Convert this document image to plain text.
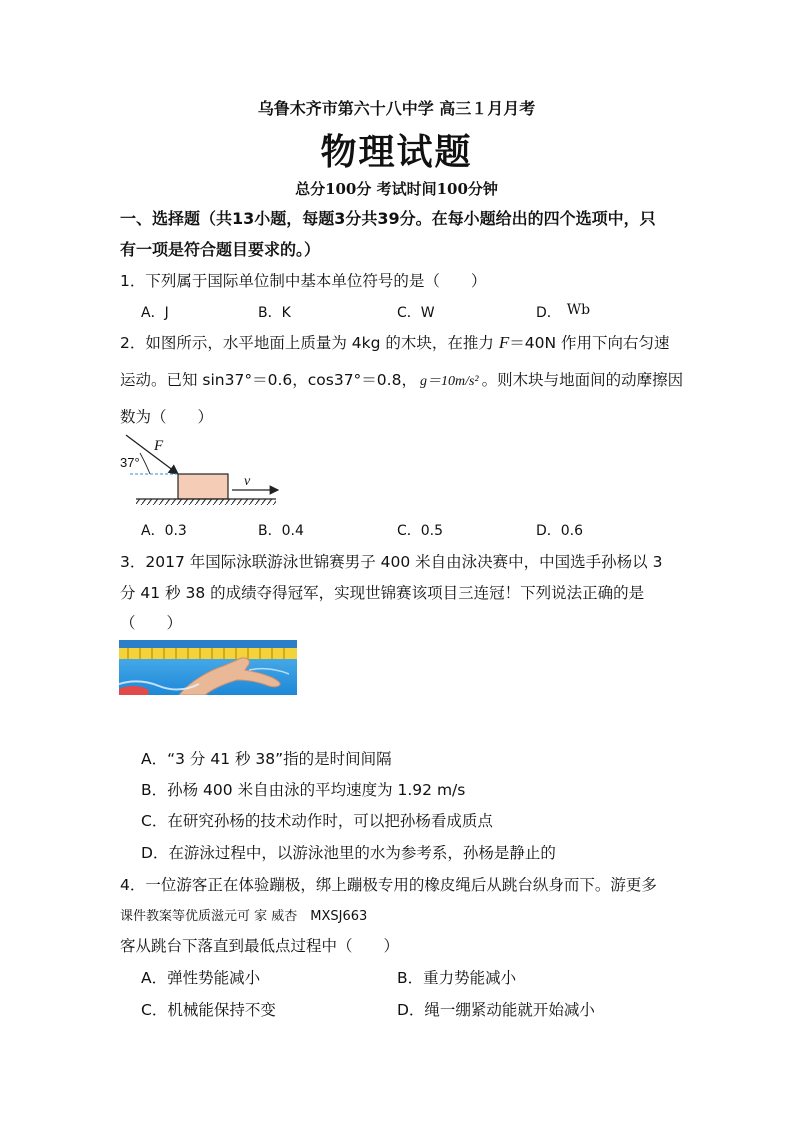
乌鲁木齐市第六十八中学 高三１月月考
物理试题
总分100分 考试时间100分钟
一、选择题（共13小题，每题3分共39分。在每小题给出的四个选项中，只
有一项是符合题目要求的。）
1．下列属于国际单位制中基本单位符号的是（　　）
A．J	B．K	C．W	D． Wb
2．如图所示，水平地面上质量为 4kg 的木块，在推力 F＝40N 作用下向右匀速
运动。已知 sin37°＝0.6，cos37°＝0.8， g＝10m/s² 。则木块与地面间的动摩擦因
数为（　　）
F
37°
v
A．0.3	B．0.4	C．0.5	D．0.6
3．2017 年国际泳联游泳世锦赛男子 400 米自由泳决赛中，中国选手孙杨以 3
分 41 秒 38 的成绩夺得冠军，实现世锦赛该项目三连冠！下列说法正确的是
（　　）
A．“3 分 41 秒 38”指的是时间间隔
B．孙杨 400 米自由泳的平均速度为 1.92 m/s
C．在研究孙杨的技术动作时，可以把孙杨看成质点
D．在游泳过程中，以游泳池里的水为参考系，孙杨是静止的
4．一位游客正在体验蹦极，绑上蹦极专用的橡皮绳后从跳台纵身而下。游更多
课件教案等优质滋元可 家 威杏　MXSJ663
客从跳台下落直到最低点过程中（　　）
A．弹性势能减小	B．重力势能减小
C．机械能保持不变	D．绳一绷紧动能就开始减小
